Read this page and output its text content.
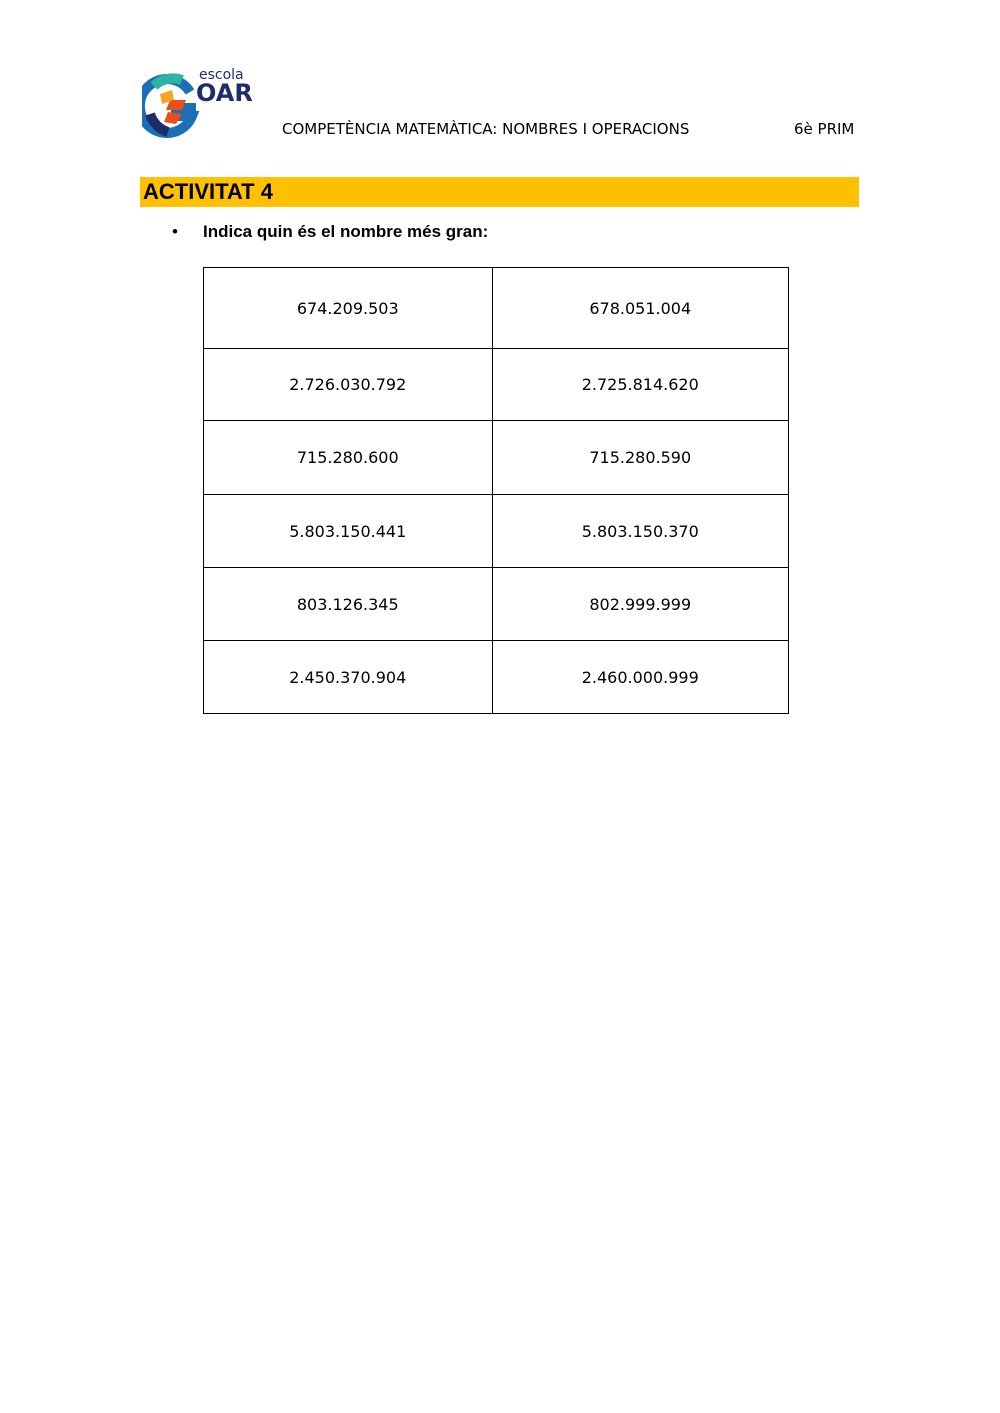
escola
OAR
COMPETÈNCIA MATEMÀTICA: NOMBRES I OPERACIONS	6è PRIM
ACTIVITAT 4
• Indica quin és el nombre més gran:
674.209.503	678.051.004
2.726.030.792	2.725.814.620
715.280.600	715.280.590
5.803.150.441	5.803.150.370
803.126.345	802.999.999
2.450.370.904	2.460.000.999
